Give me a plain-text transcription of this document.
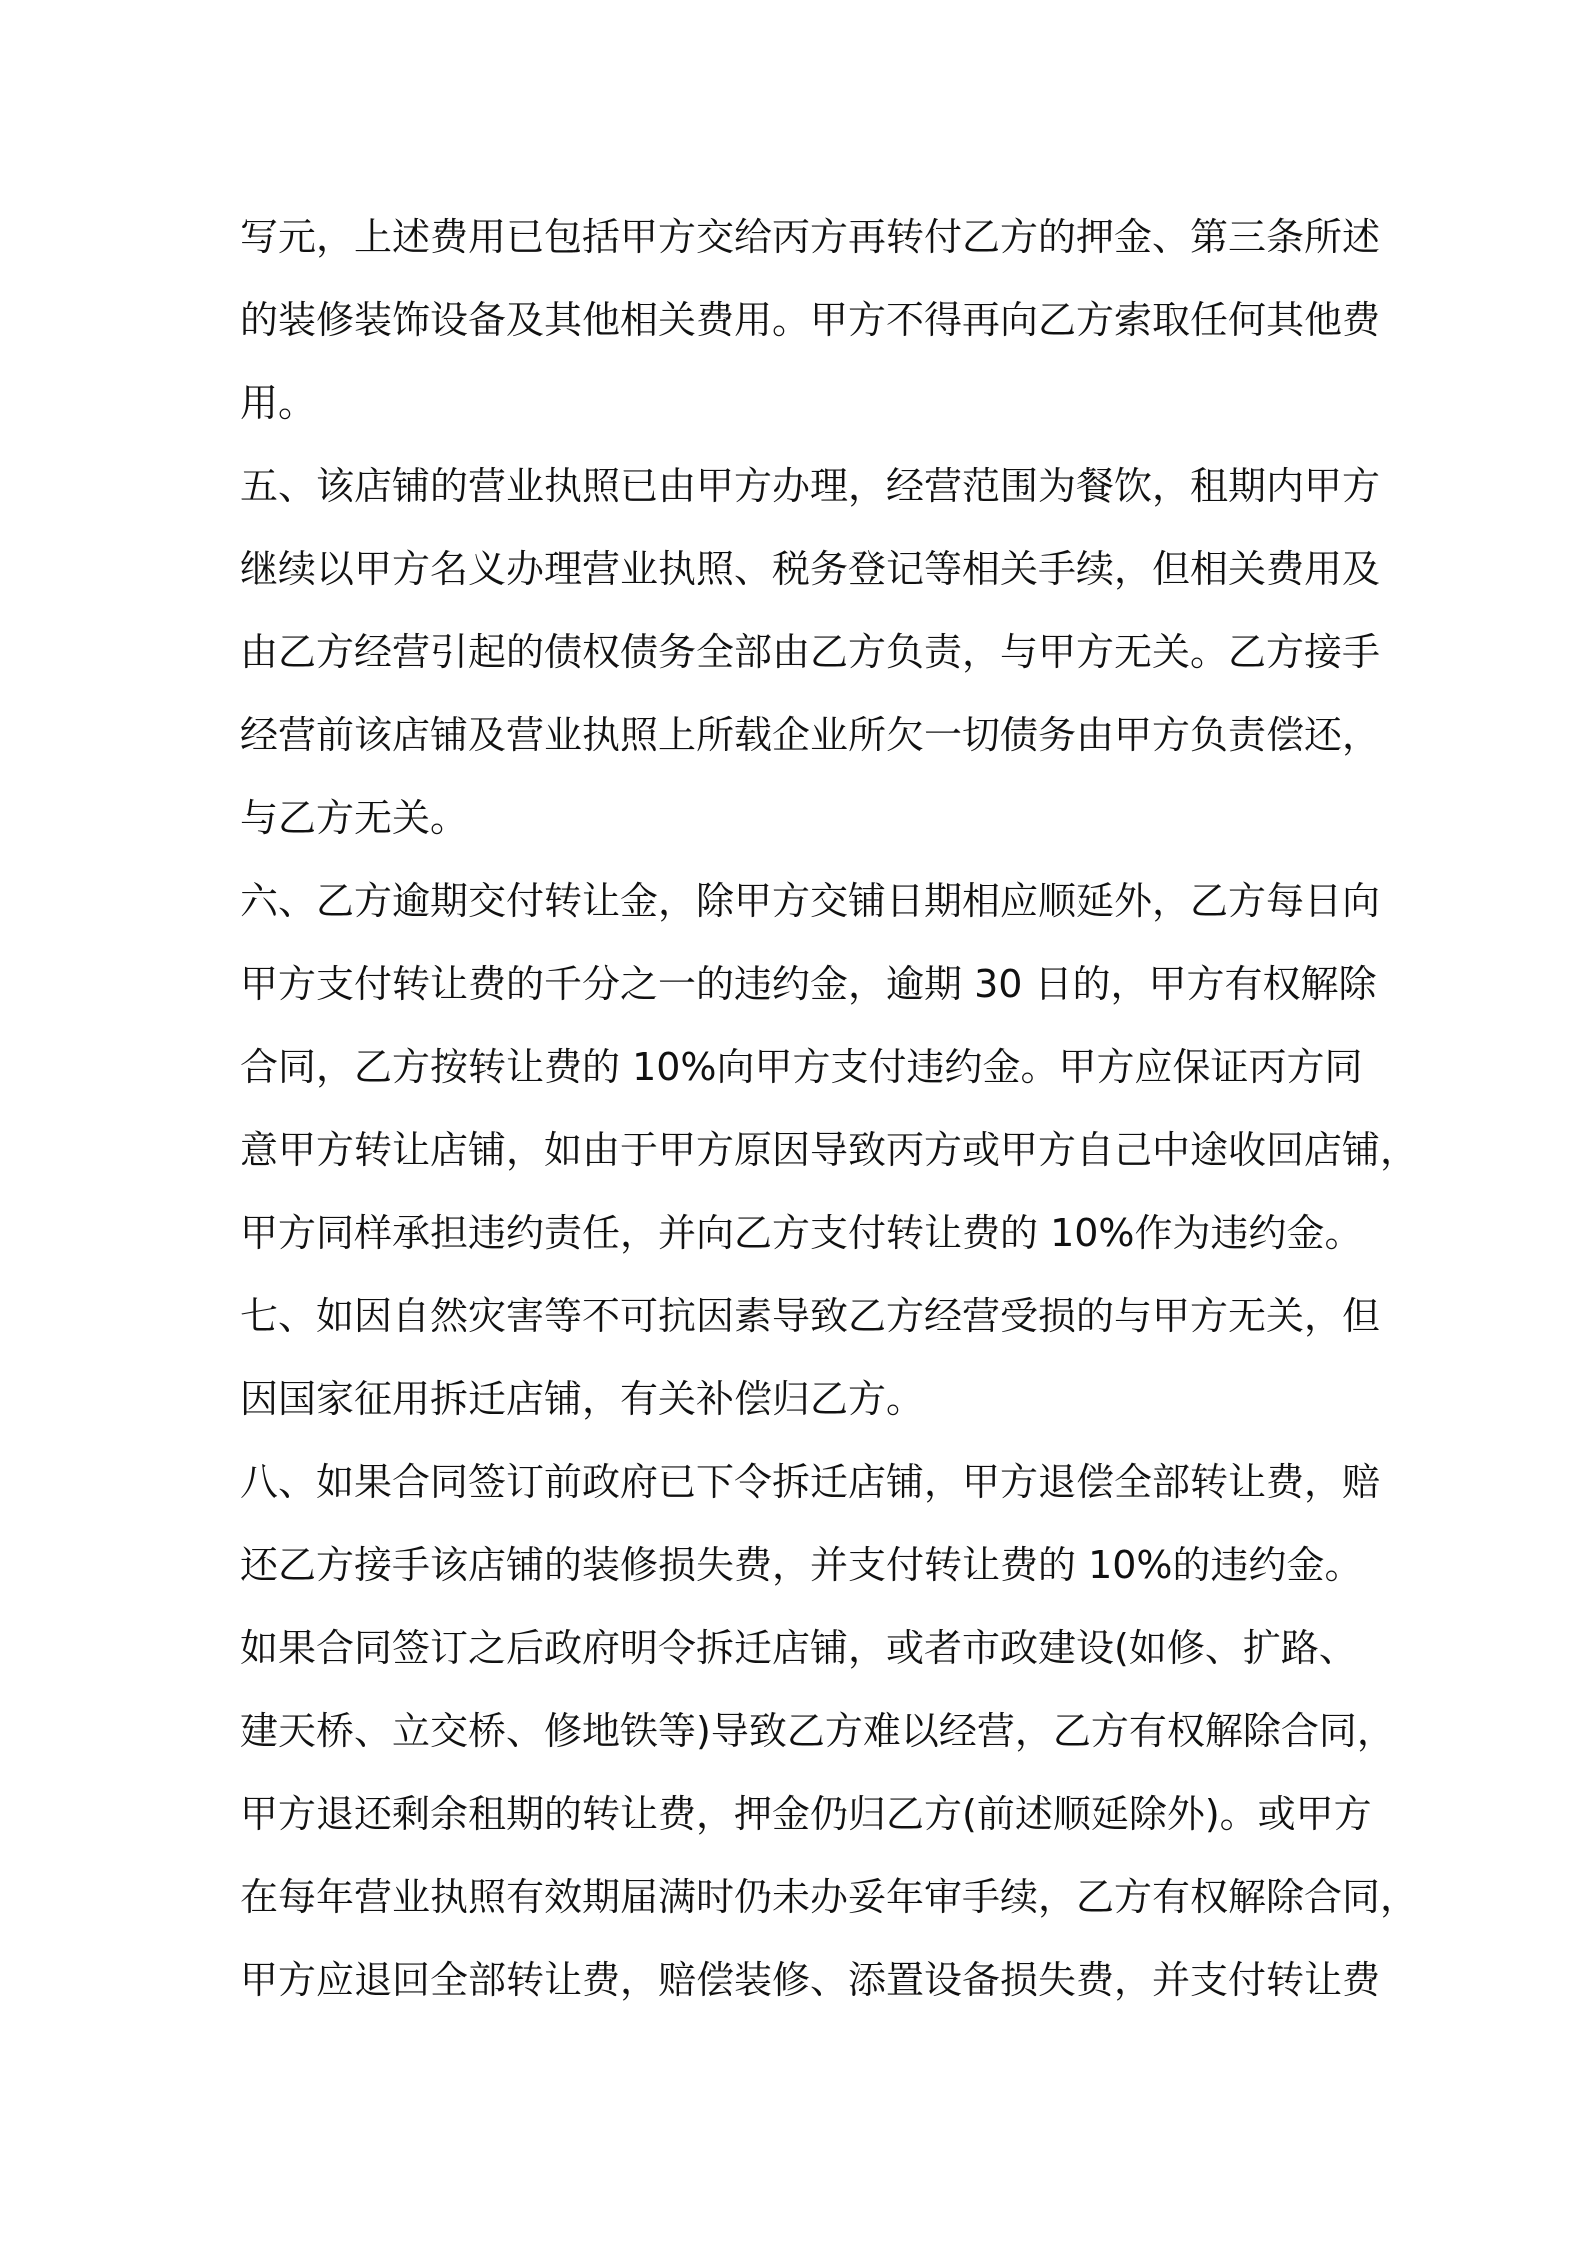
写元，上述费用已包括甲方交给丙方再转付乙方的押金、第三条所述
的装修装饰设备及其他相关费用。甲方不得再向乙方索取任何其他费
用。
五、该店铺的营业执照已由甲方办理，经营范围为餐饮，租期内甲方
继续以甲方名义办理营业执照、税务登记等相关手续，但相关费用及
由乙方经营引起的债权债务全部由乙方负责，与甲方无关。乙方接手
经营前该店铺及营业执照上所载企业所欠一切债务由甲方负责偿还，
与乙方无关。
六、乙方逾期交付转让金，除甲方交铺日期相应顺延外，乙方每日向
甲方支付转让费的千分之一的违约金，逾期 30 日的，甲方有权解除
合同，乙方按转让费的 10%向甲方支付违约金。甲方应保证丙方同
意甲方转让店铺，如由于甲方原因导致丙方或甲方自己中途收回店铺，
甲方同样承担违约责任，并向乙方支付转让费的 10%作为违约金。
七、如因自然灾害等不可抗因素导致乙方经营受损的与甲方无关，但
因国家征用拆迁店铺，有关补偿归乙方。
八、如果合同签订前政府已下令拆迁店铺，甲方退偿全部转让费，赔
还乙方接手该店铺的装修损失费，并支付转让费的 10%的违约金。
如果合同签订之后政府明令拆迁店铺，或者市政建设(如修、扩路、
建天桥、立交桥、修地铁等)导致乙方难以经营，乙方有权解除合同，
甲方退还剩余租期的转让费，押金仍归乙方(前述顺延除外)。或甲方
在每年营业执照有效期届满时仍未办妥年审手续，乙方有权解除合同，
甲方应退回全部转让费，赔偿装修、添置设备损失费，并支付转让费
